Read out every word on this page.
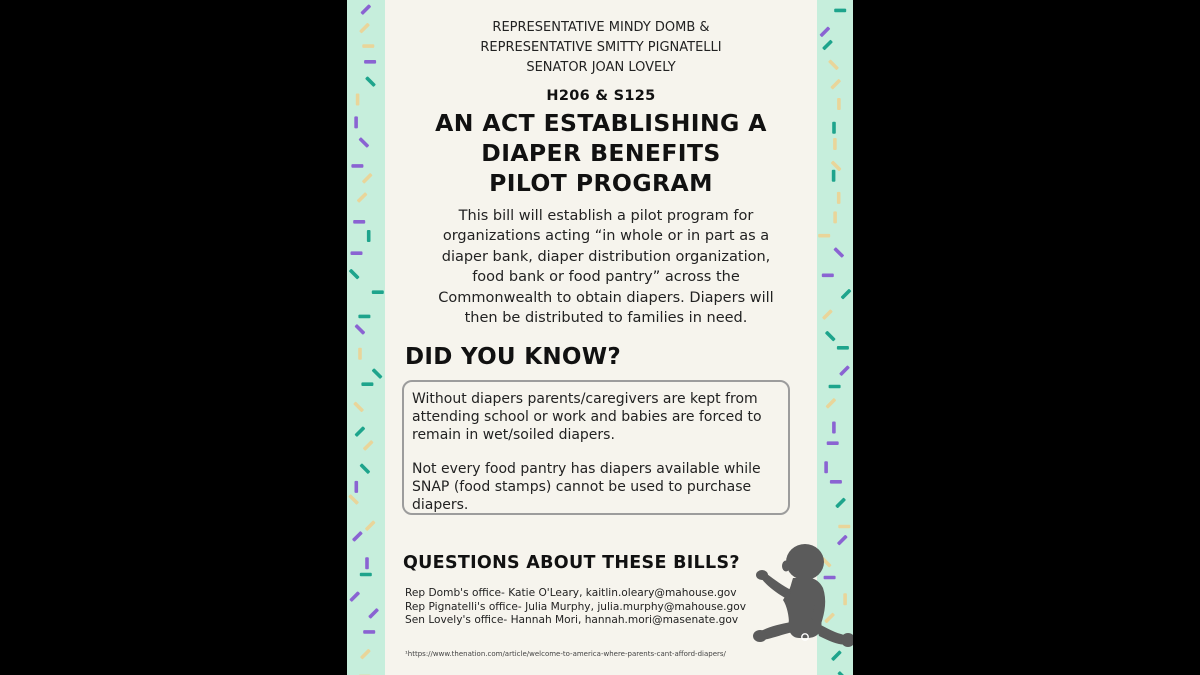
REPRESENTATIVE MINDY DOMB &
REPRESENTATIVE SMITTY PIGNATELLI
SENATOR JOAN LOVELY
H206 & S125
AN ACT ESTABLISHING A
DIAPER BENEFITS
PILOT PROGRAM
This bill will establish a pilot program for organizations acting “in whole or in part as a diaper bank, diaper distribution organization, food bank or food pantry” across the Commonwealth to obtain diapers. Diapers will then be distributed to families in need.
DID YOU KNOW?

Without diapers parents/caregivers are kept from attending school or work and babies are forced to remain in wet/soiled diapers.

Not every food pantry has diapers available while SNAP (food stamps) cannot be used to purchase diapers.

QUESTIONS ABOUT THESE BILLS?
Rep Domb's office- Katie O'Leary, kaitlin.oleary@mahouse.gov
Rep Pignatelli's office- Julia Murphy, julia.murphy@mahouse.gov
Sen Lovely's office- Hannah Mori, hannah.mori@masenate.gov
¹https://www.thenation.com/article/welcome-to-america-where-parents-cant-afford-diapers/
